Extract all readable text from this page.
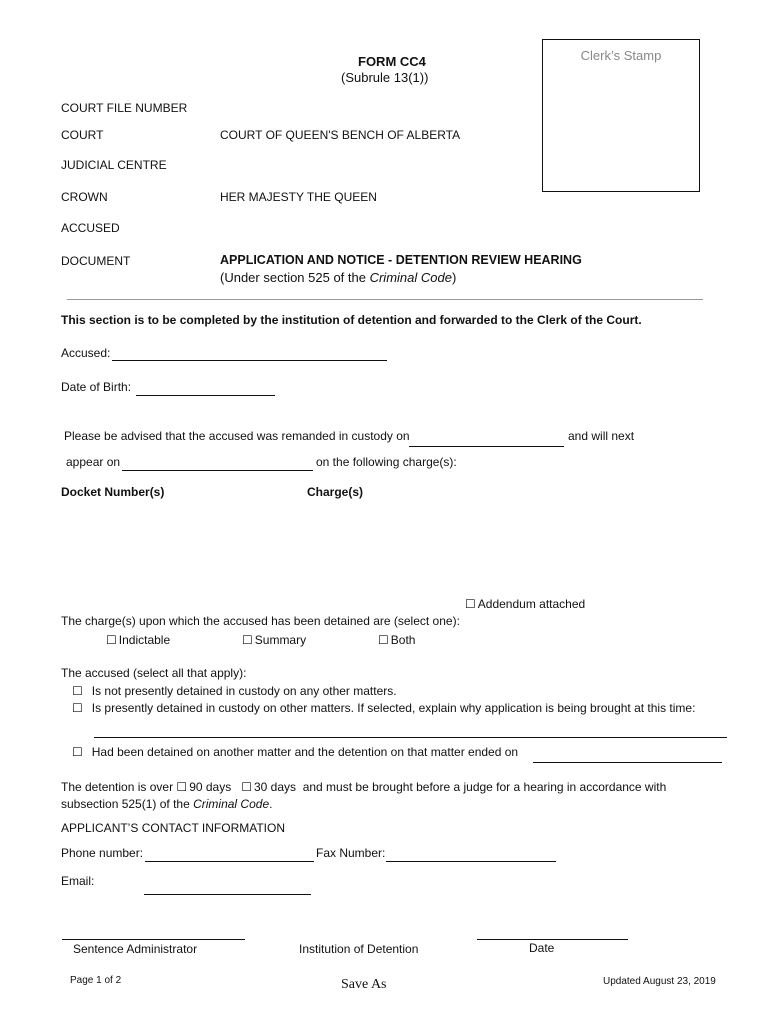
FORM CC4
(Subrule 13(1))
Clerk’s Stamp
COURT FILE NUMBER
COURT	COURT OF QUEEN'S BENCH OF ALBERTA
JUDICIAL CENTRE
CROWN	HER MAJESTY THE QUEEN
ACCUSED
DOCUMENT	APPLICATION AND NOTICE - DETENTION REVIEW HEARING
(Under section 525 of the Criminal Code)
This section is to be completed by the institution of detention and forwarded to the Clerk of the Court.
Accused:
Date of Birth:
Please be advised that the accused was remanded in custody on	and will next
appear on	on the following charge(s):
Docket Number(s)	Charge(s)
☐ Addendum attached
The charge(s) upon which the accused has been detained are (select one):
☐ Indictable	☐ Summary	☐ Both
The accused (select all that apply):
☐ Is not presently detained in custody on any other matters.
☐ Is presently detained in custody on other matters. If selected, explain why application is being brought at this time:
☐ Had been detained on another matter and the detention on that matter ended on
The detention is over ☐ 90 days ☐ 30 days and must be brought before a judge for a hearing in accordance with
subsection 525(1) of the Criminal Code.
APPLICANT’S CONTACT INFORMATION
Phone number:	Fax Number:
Email:
Sentence Administrator	Institution of Detention	Date
Page 1 of 2	Save As	Updated August 23, 2019
